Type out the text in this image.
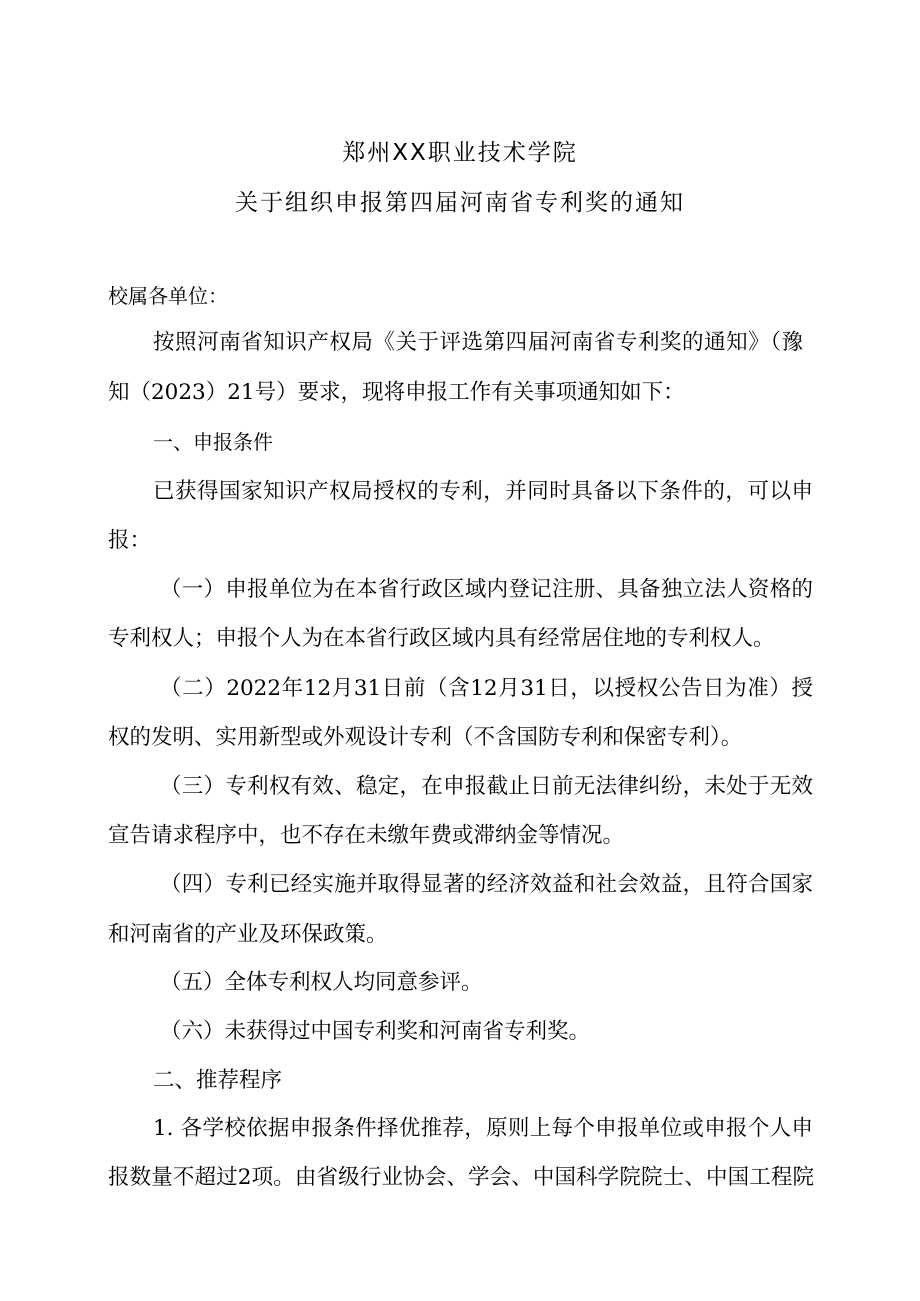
郑州XX职业技术学院
关于组织申报第四届河南省专利奖的通知
校属各单位：
按照河南省知识产权局《关于评选第四届河南省专利奖的通知》（豫
知（2023）21号）要求，现将申报工作有关事项通知如下：
一、申报条件
已获得国家知识产权局授权的专利，并同时具备以下条件的，可以申
报：
（一）申报单位为在本省行政区域内登记注册、具备独立法人资格的
专利权人；申报个人为在本省行政区域内具有经常居住地的专利权人。
（二）2022年12月31日前（含12月31日，以授权公告日为准）授
权的发明、实用新型或外观设计专利（不含国防专利和保密专利）。
（三）专利权有效、稳定，在申报截止日前无法律纠纷，未处于无效
宣告请求程序中，也不存在未缴年费或滞纳金等情况。
（四）专利已经实施并取得显著的经济效益和社会效益，且符合国家
和河南省的产业及环保政策。
（五）全体专利权人均同意参评。
（六）未获得过中国专利奖和河南省专利奖。
二、推荐程序
1. 各学校依据申报条件择优推荐，原则上每个申报单位或申报个人申
报数量不超过2项。由省级行业协会、学会、中国科学院院士、中国工程院
